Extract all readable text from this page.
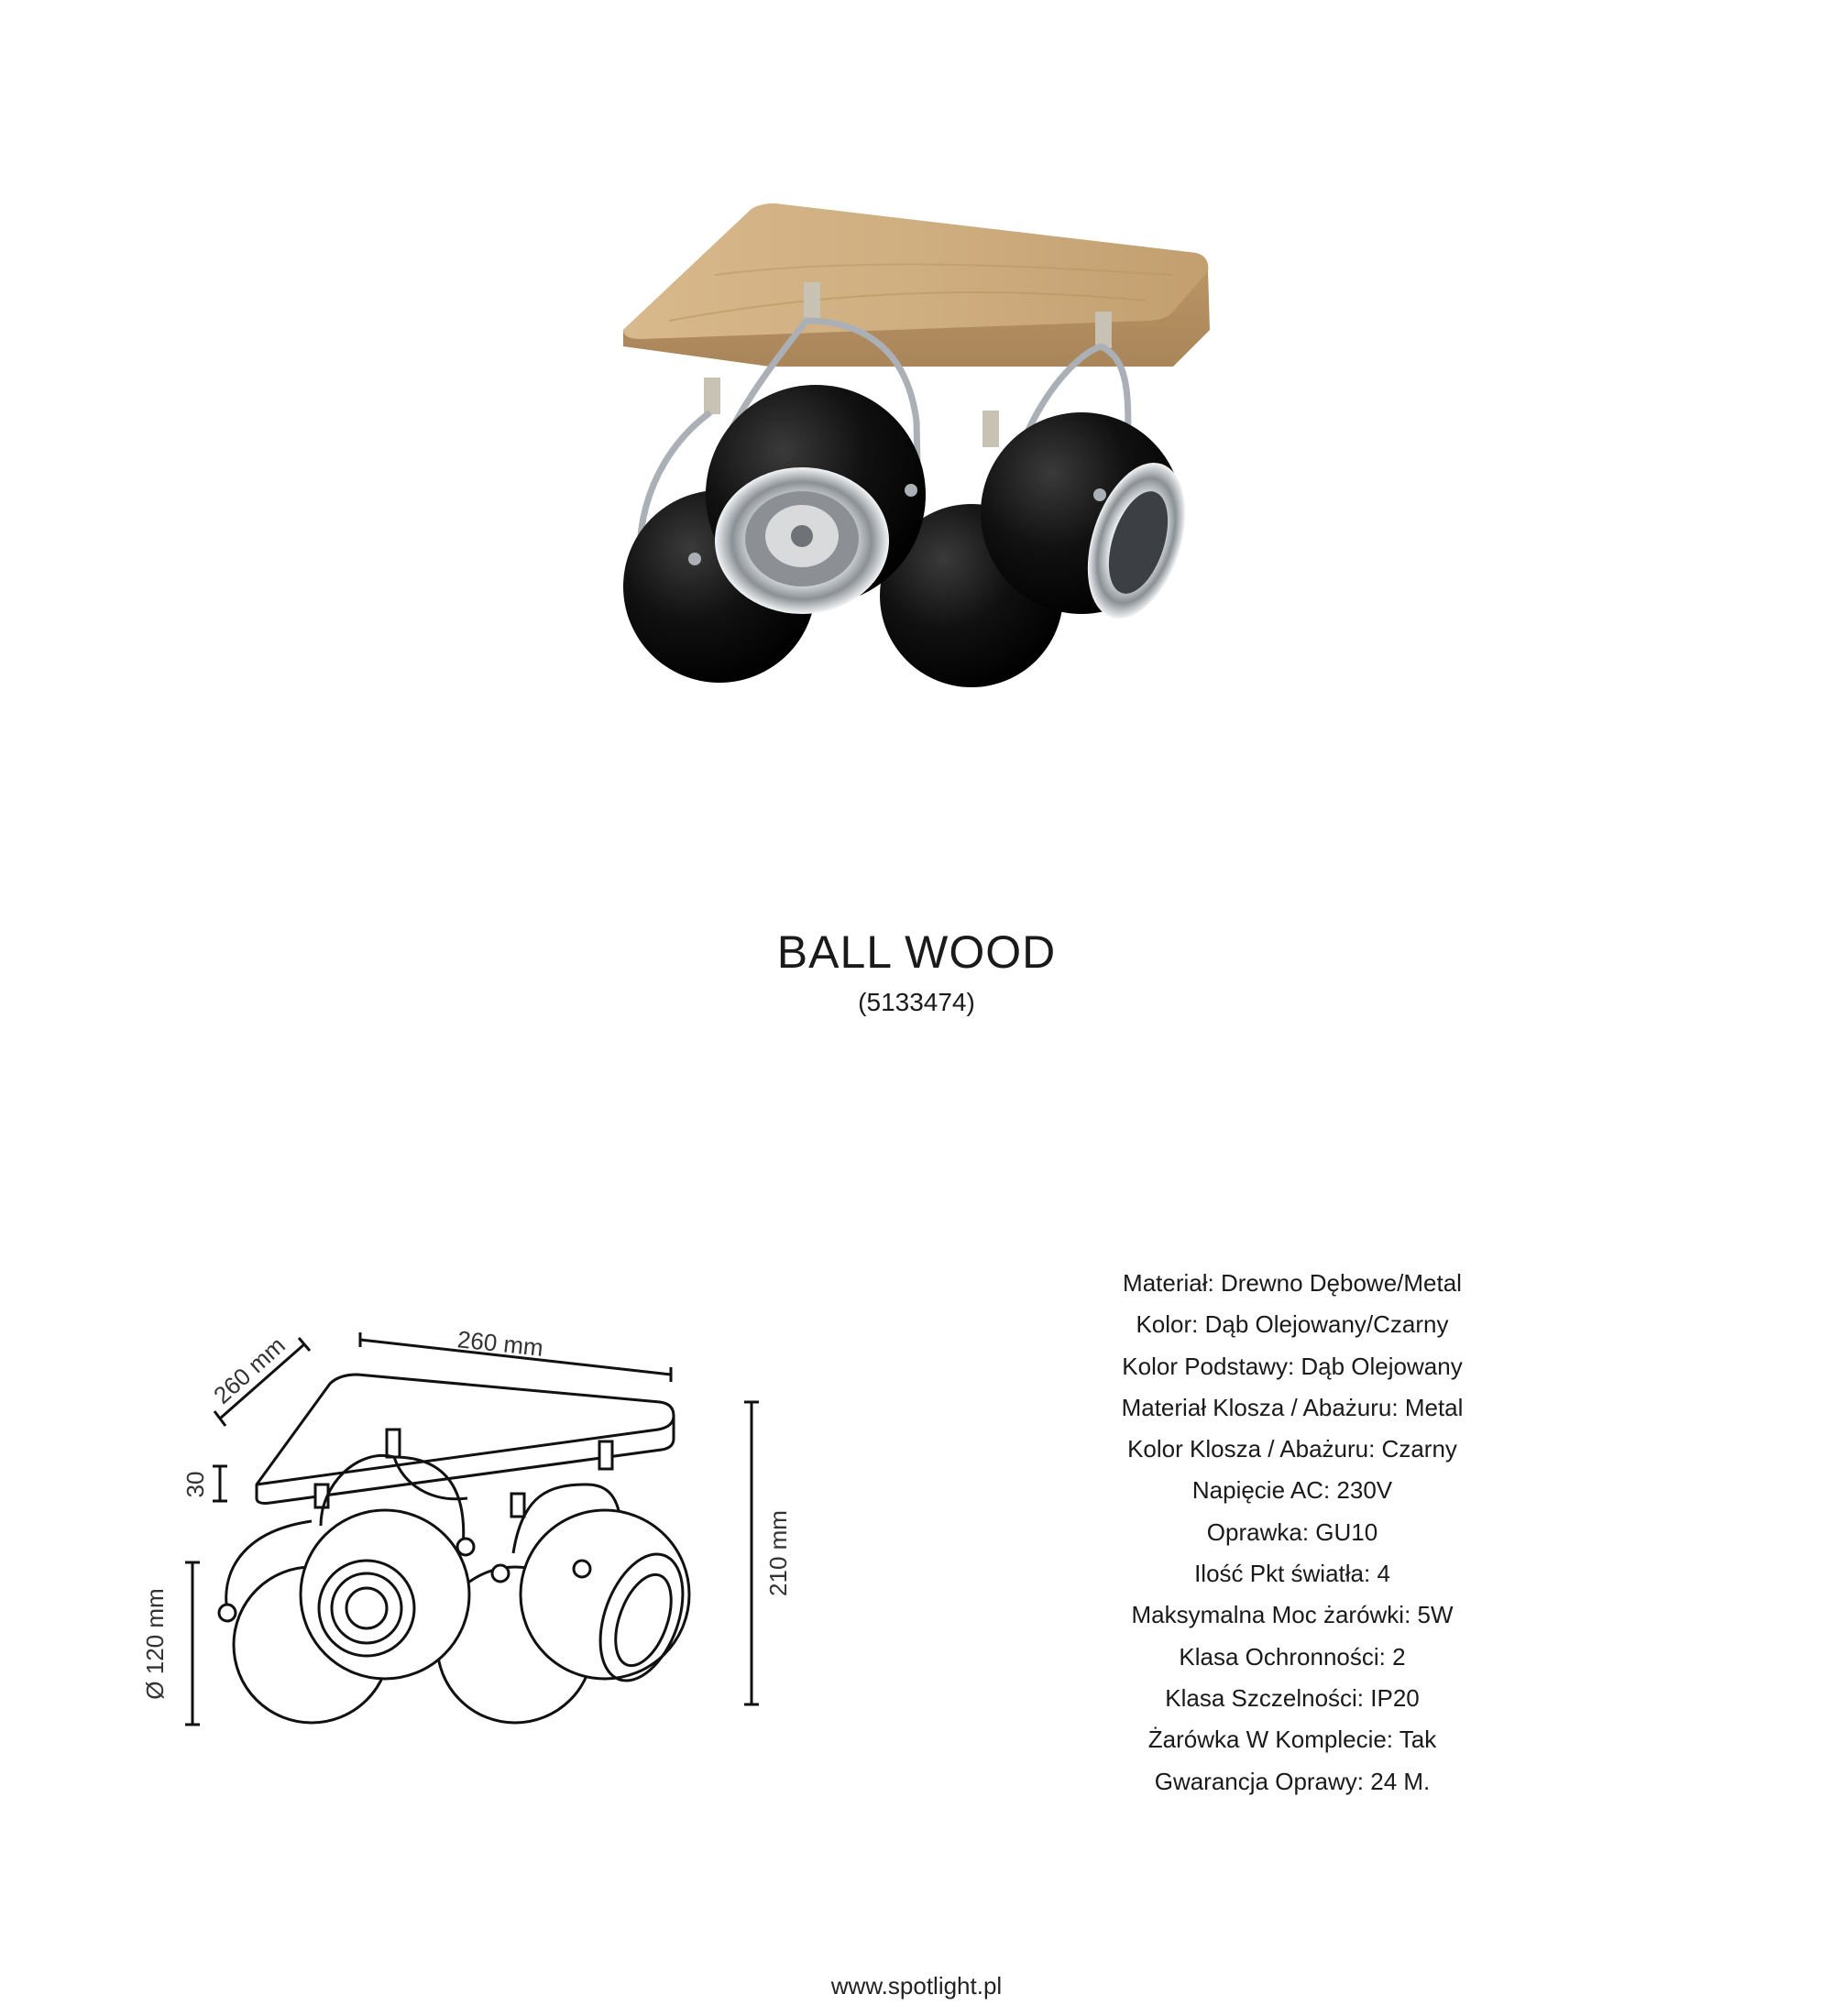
BALL WOOD
(5133474)
260 mm
260 mm
30
Ø 120 mm
210 mm
Materiał: Drewno Dębowe/Metal
Kolor: Dąb Olejowany/Czarny
Kolor Podstawy: Dąb Olejowany
Materiał Klosza / Abażuru: Metal
Kolor Klosza / Abażuru: Czarny
Napięcie AC: 230V
Oprawka: GU10
Ilość Pkt światła: 4
Maksymalna Moc żarówki: 5W
Klasa Ochronności: 2
Klasa Szczelności: IP20
Żarówka W Komplecie: Tak
Gwarancja Oprawy: 24 M.
www.spotlight.pl
